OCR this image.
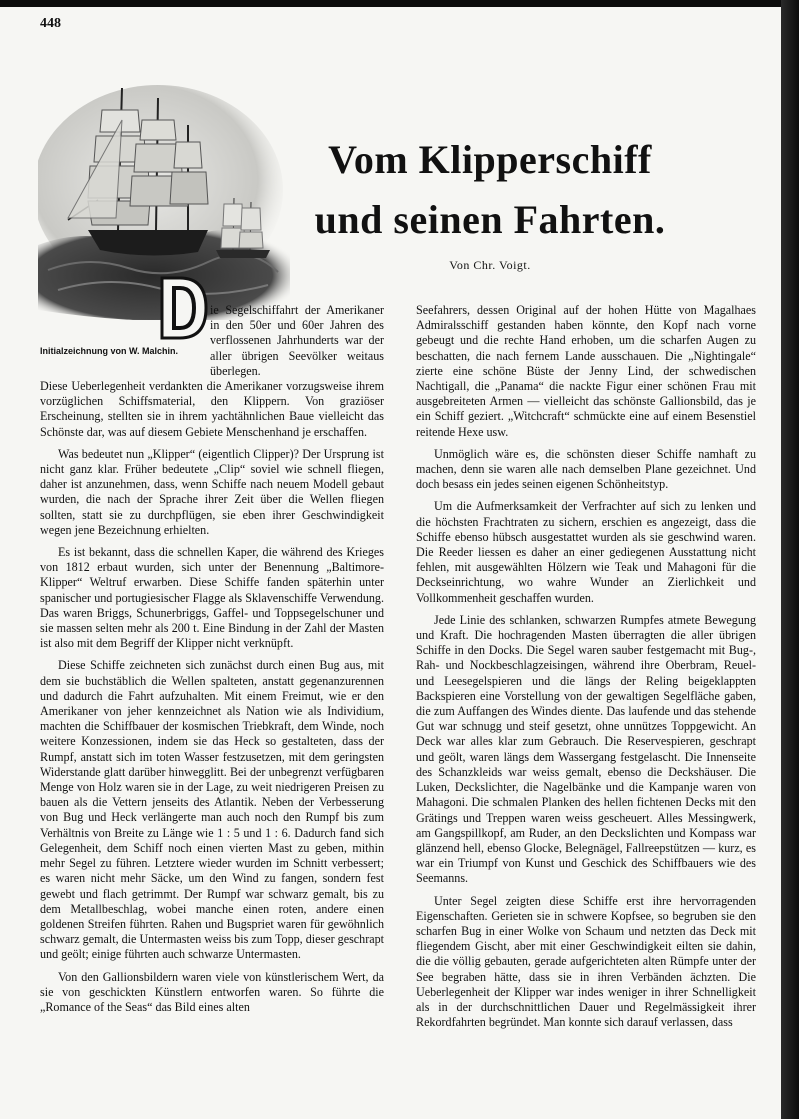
448
Initialzeichnung von W. Malchin.
Vom Klipperschiff
und seinen Fahrten.
Von Chr. Voigt.

ie Segelschiffahrt der Amerikaner in den 50er und 60er Jahren des verflossenen Jahrhunderts war der aller übrigen Seevölker weitaus überlegen.

Diese Ueberlegenheit verdankten die Amerikaner vorzugsweise ihrem vorzüglichen Schiffsmaterial, den Klippern. Von graziöser Erscheinung, stellten sie in ihrem yachtähnlichen Baue vielleicht das Schönste dar, was auf diesem Gebiete Menschenhand je erschaffen.

Was bedeutet nun „Klipper“ (eigentlich Clipper)? Der Ursprung ist nicht ganz klar. Früher bedeutete „Clip“ soviel wie schnell fliegen, daher ist anzunehmen, dass, wenn Schiffe nach neuem Modell gebaut wurden, die nach der Sprache ihrer Zeit über die Wellen fliegen sollten, statt sie zu durchpflügen, sie eben ihrer Geschwindigkeit wegen jene Bezeichnung erhielten.

Es ist bekannt, dass die schnellen Kaper, die während des Krieges von 1812 erbaut wurden, sich unter der Benennung „Baltimore-Klipper“ Weltruf erwarben. Diese Schiffe fanden späterhin unter spanischer und portugiesischer Flagge als Sklavenschiffe Verwendung. Das waren Briggs, Schunerbriggs, Gaffel- und Toppsegelschuner und sie massen selten mehr als 200 t. Eine Bindung in der Zahl der Masten ist also mit dem Begriff der Klipper nicht verknüpft.

Diese Schiffe zeichneten sich zunächst durch einen Bug aus, mit dem sie buchstäblich die Wellen spalteten, anstatt gegenanzurennen und dadurch die Fahrt aufzuhalten. Mit einem Freimut, wie er den Amerikaner von jeher kennzeichnet als Nation wie als Individium, machten die Schiffbauer der kosmischen Triebkraft, dem Winde, noch weitere Konzessionen, indem sie das Heck so gestalteten, dass der Rumpf, anstatt sich im toten Wasser festzusetzen, mit dem geringsten Widerstande glatt darüber hinwegglitt. Bei der unbegrenzt verfügbaren Menge von Holz waren sie in der Lage, zu weit niedrigeren Preisen zu bauen als die Vettern jenseits des Atlantik. Neben der Verbesserung von Bug und Heck verlängerte man auch noch den Rumpf bis zum Verhältnis von Breite zu Länge wie 1 : 5 und 1 : 6. Dadurch fand sich Gelegenheit, dem Schiff noch einen vierten Mast zu geben, mithin mehr Segel zu führen. Letztere wieder wurden im Schnitt verbessert; es waren nicht mehr Säcke, um den Wind zu fangen, sondern fest gewebt und flach getrimmt. Der Rumpf war schwarz gemalt, bis zu dem Metallbeschlag, wobei manche einen roten, andere einen goldenen Streifen führten. Rahen und Bugspriet waren für gewöhnlich schwarz gemalt, die Untermasten weiss bis zum Topp, dieser geschrapt und geölt; einige führten auch schwarze Untermasten.

Von den Gallionsbildern waren viele von künstlerischem Wert, da sie von geschickten Künstlern entworfen waren. So führte die „Romance of the Seas“ das Bild eines alten

Seefahrers, dessen Original auf der hohen Hütte von Magalhaes Admiralsschiff gestanden haben könnte, den Kopf nach vorne gebeugt und die rechte Hand erhoben, um die scharfen Augen zu beschatten, die nach fernem Lande ausschauen. Die „Nightingale“ zierte eine schöne Büste der Jenny Lind, der schwedischen Nachtigall, die „Panama“ die nackte Figur einer schönen Frau mit ausgebreiteten Armen — vielleicht das schönste Gallionsbild, das je ein Schiff geziert. „Witchcraft“ schmückte eine auf einem Besenstiel reitende Hexe usw.

Unmöglich wäre es, die schönsten dieser Schiffe namhaft zu machen, denn sie waren alle nach demselben Plane gezeichnet. Und doch besass ein jedes seinen eigenen Schönheitstyp.

Um die Aufmerksamkeit der Verfrachter auf sich zu lenken und die höchsten Frachtraten zu sichern, erschien es angezeigt, dass die Schiffe ebenso hübsch ausgestattet wurden als sie geschwind waren. Die Reeder liessen es daher an einer gediegenen Ausstattung nicht fehlen, mit ausgewählten Hölzern wie Teak und Mahagoni für die Deckseinrichtung, wo wahre Wunder an Zierlichkeit und Vollkommenheit geschaffen wurden.

Jede Linie des schlanken, schwarzen Rumpfes atmete Bewegung und Kraft. Die hochragenden Masten überragten die aller übrigen Schiffe in den Docks. Die Segel waren sauber festgemacht mit Bug-, Rah- und Nockbeschlagzeisingen, während ihre Oberbram, Reuel- und Leesegelspieren und die längs der Reling beigeklappten Backspieren eine Vorstellung von der gewaltigen Segelfläche gaben, die zum Auffangen des Windes diente. Das laufende und das stehende Gut war schnugg und steif gesetzt, ohne unnützes Toppgewicht. An Deck war alles klar zum Gebrauch. Die Reservespieren, geschrapt und geölt, waren längs dem Wassergang festgelascht. Die Innenseite des Schanzkleids war weiss gemalt, ebenso die Deckshäuser. Die Luken, Deckslichter, die Nagelbänke und die Kampanje waren von Mahagoni. Die schmalen Planken des hellen fichtenen Decks mit den Grätings und Treppen waren weiss gescheuert. Alles Messingwerk, am Gangspillkopf, am Ruder, an den Deckslichten und Kompass war glänzend hell, ebenso Glocke, Belegnägel, Fallreepstützen — kurz, es war ein Triumpf von Kunst und Geschick des Schiffbauers wie des Seemanns.

Unter Segel zeigten diese Schiffe erst ihre hervorragenden Eigenschaften. Gerieten sie in schwere Kopfsee, so begruben sie den scharfen Bug in einer Wolke von Schaum und netzten das Deck mit fliegendem Gischt, aber mit einer Geschwindigkeit eilten sie dahin, die die völlig gebauten, gerade aufgerichteten alten Rümpfe unter der See begraben hätte, dass sie in ihren Verbänden ächzten. Die Ueberlegenheit der Klipper war indes weniger in ihrer Schnelligkeit als in der durchschnittlichen Dauer und Regelmässigkeit ihrer Rekordfahrten begründet. Man konnte sich darauf verlassen, dass
